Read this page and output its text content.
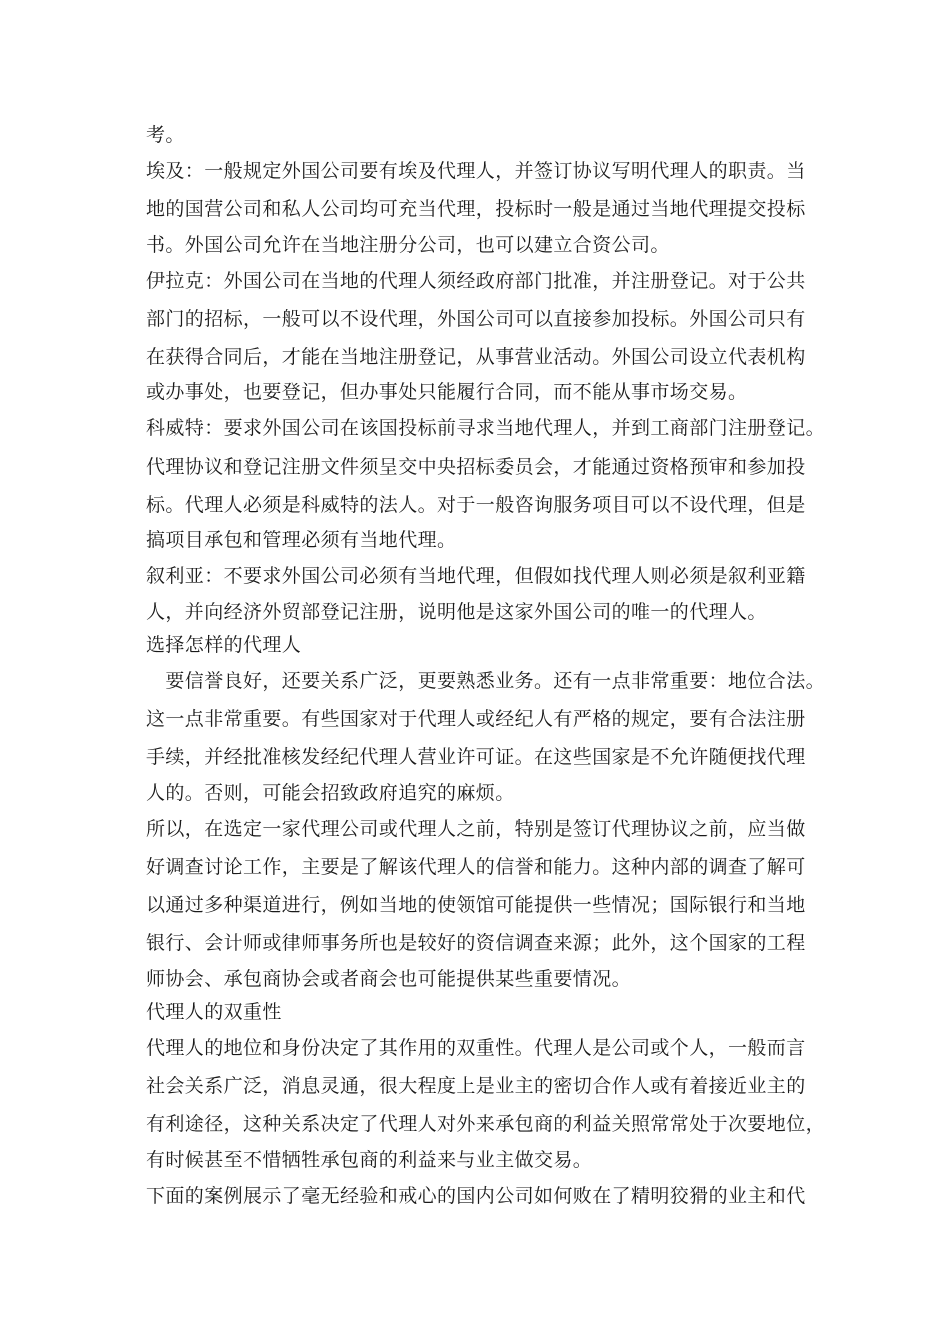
考。
埃及：一般规定外国公司要有埃及代理人，并签订协议写明代理人的职责。当
地的国营公司和私人公司均可充当代理，投标时一般是通过当地代理提交投标
书。外国公司允许在当地注册分公司，也可以建立合资公司。
伊拉克：外国公司在当地的代理人须经政府部门批准，并注册登记。对于公共
部门的招标，一般可以不设代理，外国公司可以直接参加投标。外国公司只有
在获得合同后，才能在当地注册登记，从事营业活动。外国公司设立代表机构
或办事处，也要登记，但办事处只能履行合同，而不能从事市场交易。
科威特：要求外国公司在该国投标前寻求当地代理人，并到工商部门注册登记。
代理协议和登记注册文件须呈交中央招标委员会，才能通过资格预审和参加投
标。代理人必须是科威特的法人。对于一般咨询服务项目可以不设代理，但是
搞项目承包和管理必须有当地代理。
叙利亚：不要求外国公司必须有当地代理，但假如找代理人则必须是叙利亚籍
人，并向经济外贸部登记注册，说明他是这家外国公司的唯一的代理人。
选择怎样的代理人
　要信誉良好，还要关系广泛，更要熟悉业务。还有一点非常重要：地位合法。
这一点非常重要。有些国家对于代理人或经纪人有严格的规定，要有合法注册
手续，并经批准核发经纪代理人营业许可证。在这些国家是不允许随便找代理
人的。否则，可能会招致政府追究的麻烦。
所以，在选定一家代理公司或代理人之前，特别是签订代理协议之前，应当做
好调查讨论工作，主要是了解该代理人的信誉和能力。这种内部的调查了解可
以通过多种渠道进行，例如当地的使领馆可能提供一些情况；国际银行和当地
银行、会计师或律师事务所也是较好的资信调查来源；此外，这个国家的工程
师协会、承包商协会或者商会也可能提供某些重要情况。
代理人的双重性
代理人的地位和身份决定了其作用的双重性。代理人是公司或个人，一般而言
社会关系广泛，消息灵通，很大程度上是业主的密切合作人或有着接近业主的
有利途径，这种关系决定了代理人对外来承包商的利益关照常常处于次要地位，
有时候甚至不惜牺牲承包商的利益来与业主做交易。
下面的案例展示了毫无经验和戒心的国内公司如何败在了精明狡猾的业主和代
